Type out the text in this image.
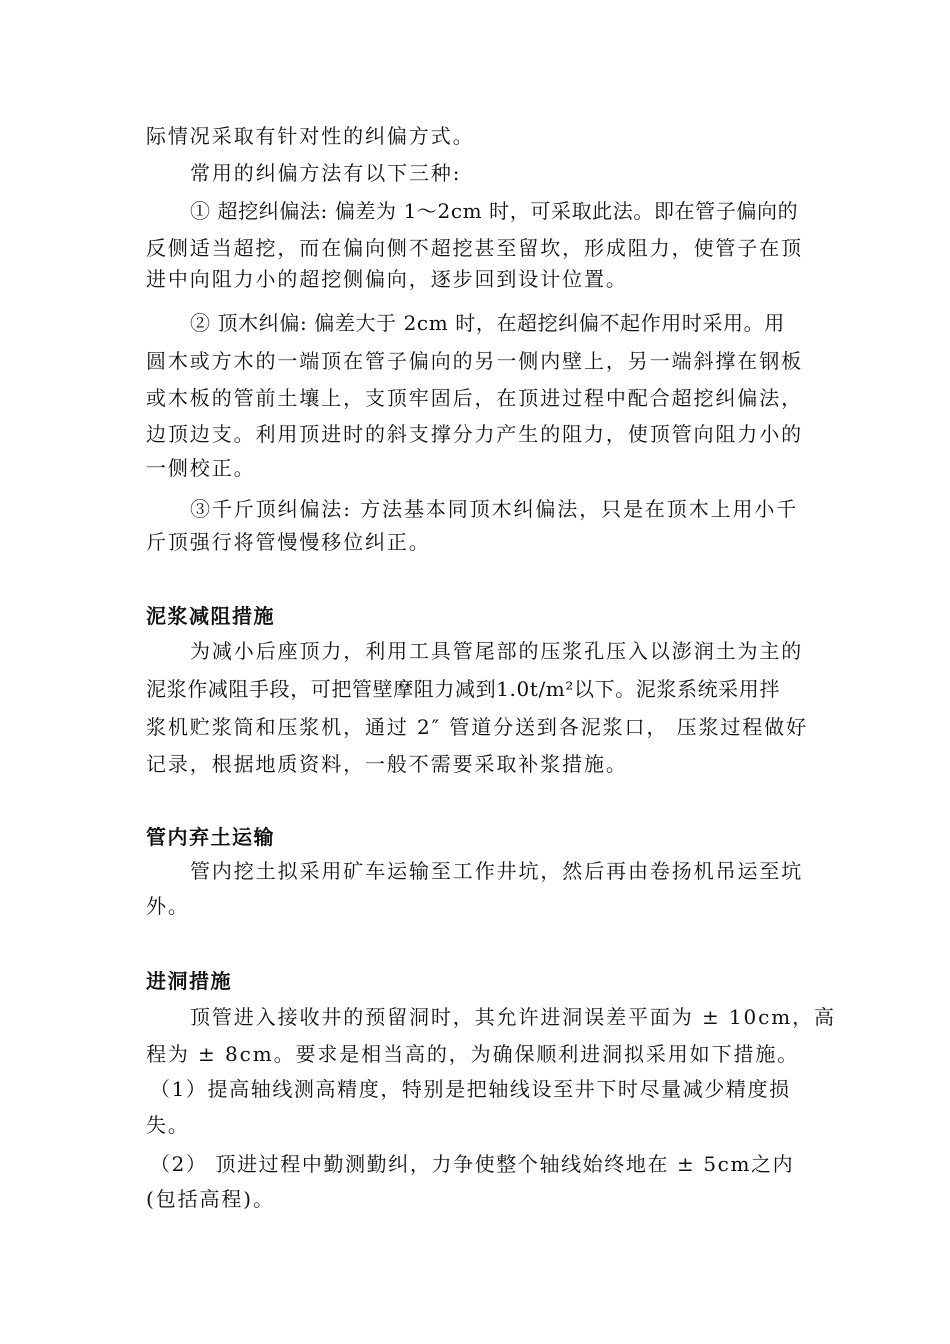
际情况采取有针对性的纠偏方式。
常用的纠偏方法有以下三种:
① 超挖纠偏法: 偏差为 1～2cm 时，可采取此法。即在管子偏向的
反侧适当超挖，而在偏向侧不超挖甚至留坎，形成阻力，使管子在顶
进中向阻力小的超挖侧偏向，逐步回到设计位置。
② 顶木纠偏: 偏差大于 2cm 时，在超挖纠偏不起作用时采用。用
圆木或方木的一端顶在管子偏向的另一侧内壁上，另一端斜撑在钢板
或木板的管前土壤上，支顶牢固后，在顶进过程中配合超挖纠偏法，
边顶边支。利用顶进时的斜支撑分力产生的阻力，使顶管向阻力小的
一侧校正。
③千斤顶纠偏法: 方法基本同顶木纠偏法，只是在顶木上用小千
斤顶强行将管慢慢移位纠正。
泥浆减阻措施
为减小后座顶力，利用工具管尾部的压浆孔压入以澎润土为主的
泥浆作减阻手段，可把管壁摩阻力减到1.0t/m²以下。泥浆系统采用拌
浆机贮浆筒和压浆机，通过 2″ 管道分送到各泥浆口， 压浆过程做好
记录，根据地质资料，一般不需要采取补浆措施。
管内弃土运输
管内挖土拟采用矿车运输至工作井坑，然后再由卷扬机吊运至坑
外。
进洞措施
顶管进入接收井的预留洞时，其允许进洞误差平面为 ± 10cm，高
程为 ± 8cm。要求是相当高的，为确保顺利进洞拟采用如下措施。
（1）提高轴线测高精度，特别是把轴线设至井下时尽量减少精度损
失。
（2） 顶进过程中勤测勤纠，力争使整个轴线始终地在 ± 5cm之内
(包括高程)。
